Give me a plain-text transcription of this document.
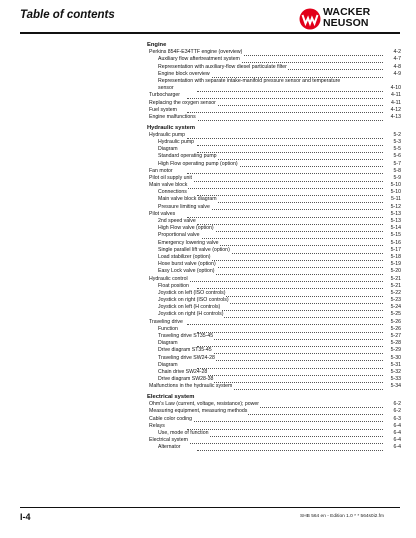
Table of contents	WACKER
NEUSON
Engine
Perkins 854F-E34TTF engine (overview)	4-2
Auxiliary flow aftertreatment system	4-7
Representation with auxiliary-flow diesel particulate filter	4-8
Engine block overview	4-9
Representation with separate intake-manifold pressure sensor and temperature
sensor	4-10
Turbocharger	4-11
Replacing the oxygen sensor	4-11
Fuel system	4-12
Engine malfunctions	4-13
Hydraulic system
Hydraulic pump	5-2
Hydraulic pump	5-3
Diagram	5-5
Standard operating pump	5-6
High Flow operating pump (option)	5-7
Fan motor	5-8
Pilot oil supply unit	5-9
Main valve block	5-10
Connections	5-10
Main valve block diagram	5-11
Pressure limiting valve	5-12
Pilot valves	5-13
2nd speed valve	5-13
High Flow valve (option)	5-14
Proportional valve	5-15
Emergency lowering valve	5-16
Single parallel lift valve (option)	5-17
Load stabilizer (option)	5-18
Hose burst valve (option)	5-19
Easy Lock valve (option)	5-20
Hydraulic control	5-21
Float position	5-21
Joystick on left (ISO controls)	5-22
Joystick on right (ISO controls)	5-23
Joystick on left (H controls)	5-24
Joystick on right (H controls)	5-25
Traveling drive	5-26
Function	5-26
Traveling drive ST35-45	5-27
Diagram	5-28
Drive diagram ST35-45	5-29
Traveling drive SW24-28	5-30
Diagram	5-31
Chain drive SW24-28	5-32
Drive diagram SW28-38	5-33
Malfunctions in the hydraulic system	5-34
Electrical system
Ohm's Law (current, voltage, resistance); power	6-2
Measuring equipment, measuring methods	6-2
Cable color coding	6-3
Relays	6-4
Use, mode of function	6-4
Electrical system	6-4
Alternator	6-4
I-4	SHB 564 en - Edition 1.0 * * 564s0i2.fm
